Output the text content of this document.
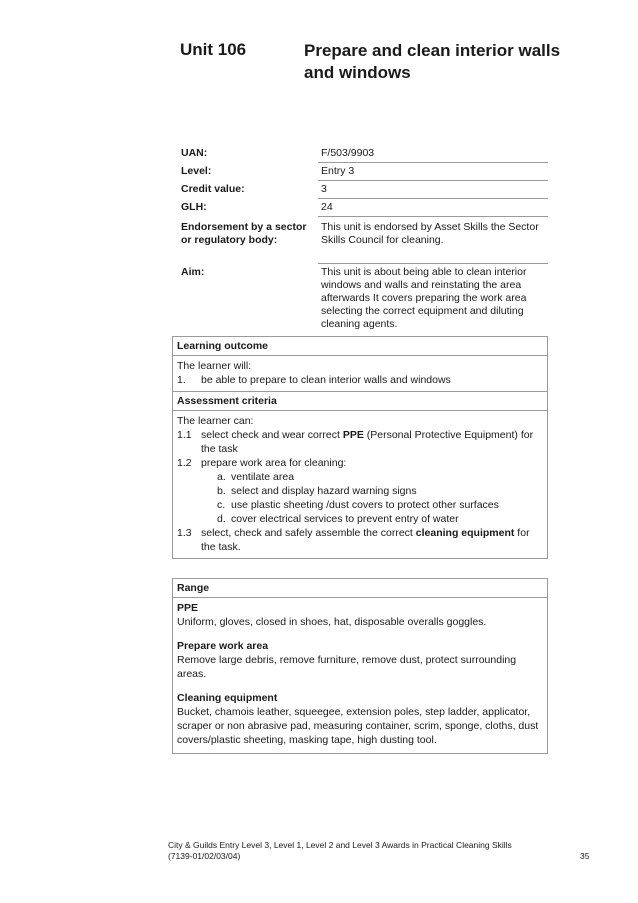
Unit 106	Prepare and clean interior walls and windows
UAN:	F/503/9903
Level:	Entry 3
Credit value:	3
GLH:	24
Endorsement by a sector or regulatory body:
This unit is endorsed by Asset Skills the Sector Skills Council for cleaning.
Aim:	This unit is about being able to clean interior windows and walls and reinstating the area afterwards It covers preparing the work area selecting the correct equipment and diluting cleaning agents.
Learning outcome
The learner will:
1.	be able to prepare to clean interior walls and windows
Assessment criteria
The learner can:
1.1 select check and wear correct PPE (Personal Protective Equipment) for the task
1.2 prepare work area for cleaning:
a. ventilate area
b. select and display hazard warning signs
c. use plastic sheeting /dust covers to protect other surfaces
d. cover electrical services to prevent entry of water
1.3 select, check and safely assemble the correct cleaning equipment for the task.
Range
PPE
Uniform, gloves, closed in shoes, hat, disposable overalls goggles.
Prepare work area
Remove large debris, remove furniture, remove dust, protect surrounding areas.
Cleaning equipment
Bucket, chamois leather, squeegee, extension poles, step ladder, applicator, scraper or non abrasive pad, measuring container, scrim, sponge, cloths, dust covers/plastic sheeting, masking tape, high dusting tool.
City & Guilds Entry Level 3, Level 1, Level 2 and Level 3 Awards in Practical Cleaning Skills
(7139-01/02/03/04)	35
